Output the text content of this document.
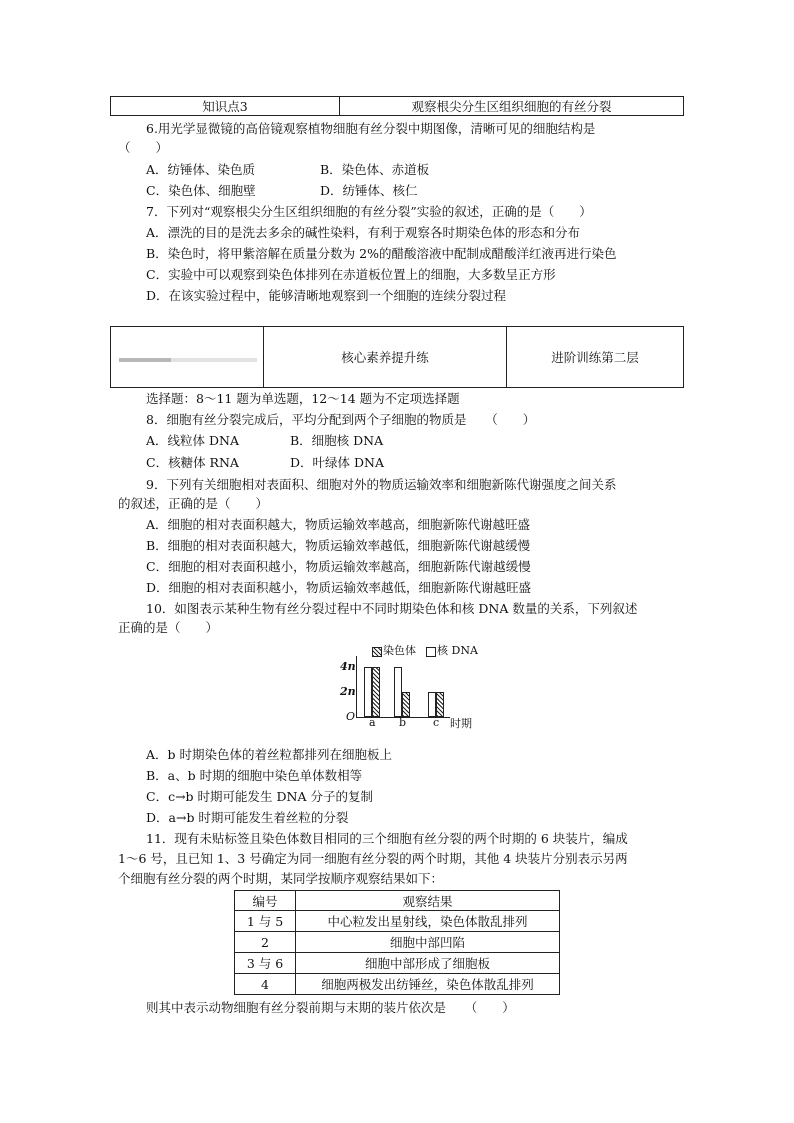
知识点3	观察根尖分生区组织细胞的有丝分裂
6.用光学显微镜的高倍镜观察植物细胞有丝分裂中期图像，清晰可见的细胞结构是
（　　）
A．纺锤体、染色质	B．染色体、赤道板
C．染色体、细胞壁	D．纺锤体、核仁
7．下列对“观察根尖分生区组织细胞的有丝分裂”实验的叙述，正确的是（　　）
A．漂洗的目的是洗去多余的碱性染料，有利于观察各时期染色体的形态和分布
B．染色时，将甲紫溶解在质量分数为 2%的醋酸溶液中配制成醋酸洋红液再进行染色
C．实验中可以观察到染色体排列在赤道板位置上的细胞，大多数呈正方形
D．在该实验过程中，能够清晰地观察到一个细胞的连续分裂过程
	核心素养提升练	进阶训练第二层
选择题：8～11 题为单选题，12～14 题为不定项选择题
8．细胞有丝分裂完成后，平均分配到两个子细胞的物质是　　（　　）
A．线粒体 DNA	B．细胞核 DNA
C．核糖体 RNA	D．叶绿体 DNA
9．下列有关细胞相对表面积、细胞对外的物质运输效率和细胞新陈代谢强度之间关系
的叙述，正确的是（　　）
A．细胞的相对表面积越大，物质运输效率越高，细胞新陈代谢越旺盛
B．细胞的相对表面积越大，物质运输效率越低，细胞新陈代谢越缓慢
C．细胞的相对表面积越小，物质运输效率越高，细胞新陈代谢越缓慢
D．细胞的相对表面积越小，物质运输效率越低，细胞新陈代谢越旺盛
10．如图表示某种生物有丝分裂过程中不同时期染色体和核 DNA 数量的关系，下列叙述
正确的是（　　）
染色体 核 DNA
4n
2n
O a b c 时期
A．b 时期染色体的着丝粒都排列在细胞板上
B．a、b 时期的细胞中染色单体数相等
C．c→b 时期可能发生 DNA 分子的复制
D．a→b 时期可能发生着丝粒的分裂
11．现有未贴标签且染色体数目相同的三个细胞有丝分裂的两个时期的 6 块装片，编成
1～6 号，且已知 1、3 号确定为同一细胞有丝分裂的两个时期，其他 4 块装片分别表示另两
个细胞有丝分裂的两个时期，某同学按顺序观察结果如下：
编号	观察结果
1 与 5	中心粒发出星射线，染色体散乱排列
2	细胞中部凹陷
3 与 6	细胞中部形成了细胞板
4	细胞两极发出纺锤丝，染色体散乱排列
则其中表示动物细胞有丝分裂前期与末期的装片依次是　　（　　）
